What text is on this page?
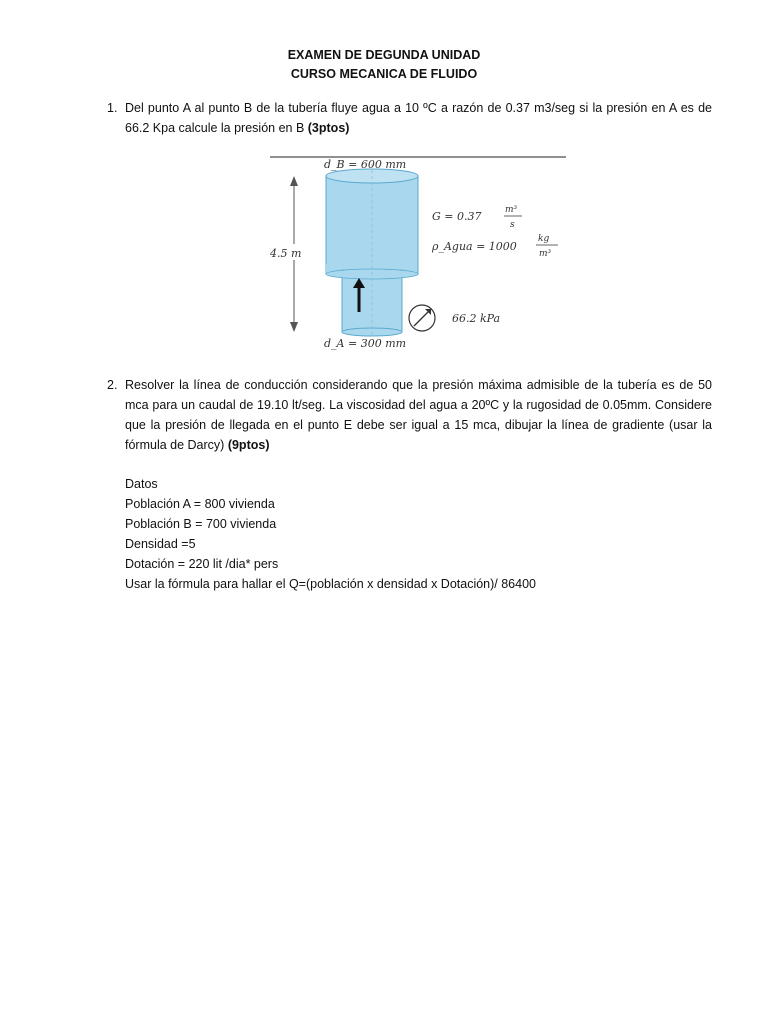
EXAMEN DE DEGUNDA UNIDAD
CURSO MECANICA DE FLUIDO
1. Del punto A al punto B de la tubería fluye agua a 10 ºC a razón de 0.37 m3/seg si la presión en A es de 66.2 Kpa calcule la presión en B (3ptos)
4.5 m
d_B = 600 mm
d_A = 300 mm
G = 0.37	m³
s
ρ_Agua = 1000
kg
m³
66.2 kPa
2. Resolver la línea de conducción considerando que la presión máxima admisible de la tubería es de 50 mca para un caudal de 19.10 lt/seg. La viscosidad del agua a 20ºC y la rugosidad de 0.05mm. Considere que la presión de llegada en el punto E debe ser igual a 15 mca, dibujar la línea de gradiente (usar la fórmula de Darcy) (9ptos)
Datos
Población A = 800 vivienda
Población B = 700 vivienda
Densidad =5
Dotación = 220 lit /dia* pers
Usar la fórmula para hallar el Q=(población x densidad x Dotación)/ 86400
